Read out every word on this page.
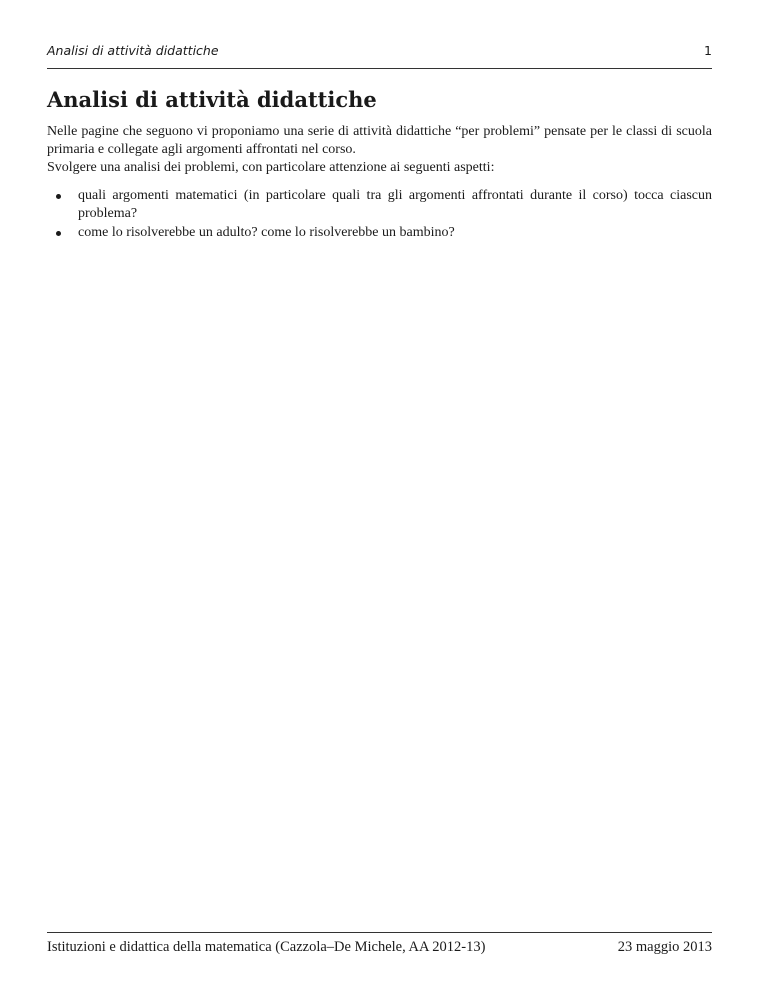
Analisi di attività didattiche	1
Analisi di attività didattiche

Nelle pagine che seguono vi proponiamo una serie di attività didattiche “per problemi” pensate per le classi di scuola primaria e collegate agli argomenti affrontati nel corso.

Svolgere una analisi dei problemi, con particolare attenzione ai seguenti aspetti:

quali argomenti matematici (in particolare quali tra gli argomenti affrontati durante il corso) tocca ciascun problema?
come lo risolverebbe un adulto? come lo risolverebbe un bambino?
Istituzioni e didattica della matematica (Cazzola–De Michele, AA 2012-13)	23 maggio 2013
